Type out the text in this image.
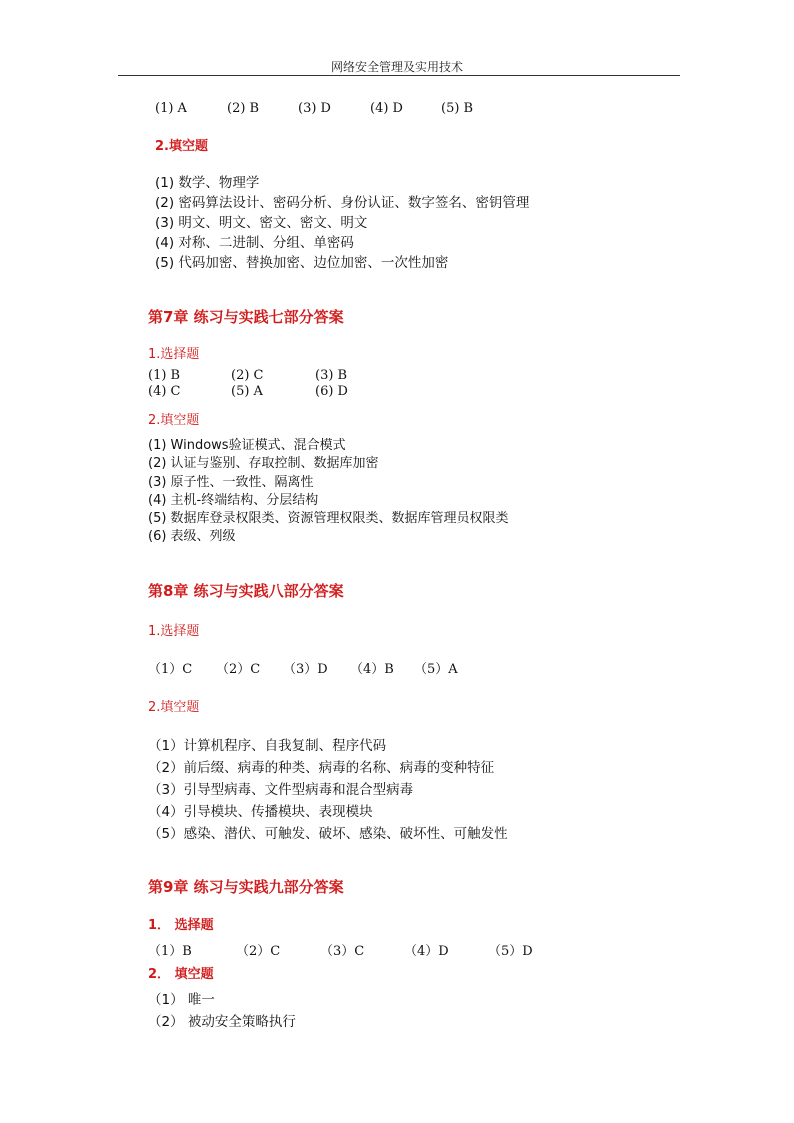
网络安全管理及实用技术
(1) A	(2) B	(3) D	(4) D	(5) B
2.填空题
(1) 数学、物理学
(2) 密码算法设计、密码分析、身份认证、数字签名、密钥管理
(3) 明文、明文、密文、密文、明文
(4) 对称、二进制、分组、单密码
(5) 代码加密、替换加密、边位加密、一次性加密
第7章 练习与实践七部分答案
1.选择题
(1) B	(2) C	(3) B
(4) C	(5) A	(6) D
2.填空题
(1) Windows验证模式、混合模式
(2) 认证与鉴别、存取控制、数据库加密
(3) 原子性、一致性、隔离性
(4) 主机-终端结构、分层结构
(5) 数据库登录权限类、资源管理权限类、数据库管理员权限类
(6) 表级、列级
第8章 练习与实践八部分答案
1.选择题
（1）C （2）C （3）D （4）B （5）A
2.填空题
（1）计算机程序、自我复制、程序代码
（2）前后缀、病毒的种类、病毒的名称、病毒的变种特征
（3）引导型病毒、文件型病毒和混合型病毒
（4）引导模块、传播模块、表现模块
（5）感染、潜伏、可触发、破坏、感染、破坏性、可触发性
第9章 练习与实践九部分答案
1． 选择题
（1）B	（2）C	（3）C	（4）D	（5）D
2． 填空题
（1） 唯一
（2） 被动安全策略执行
